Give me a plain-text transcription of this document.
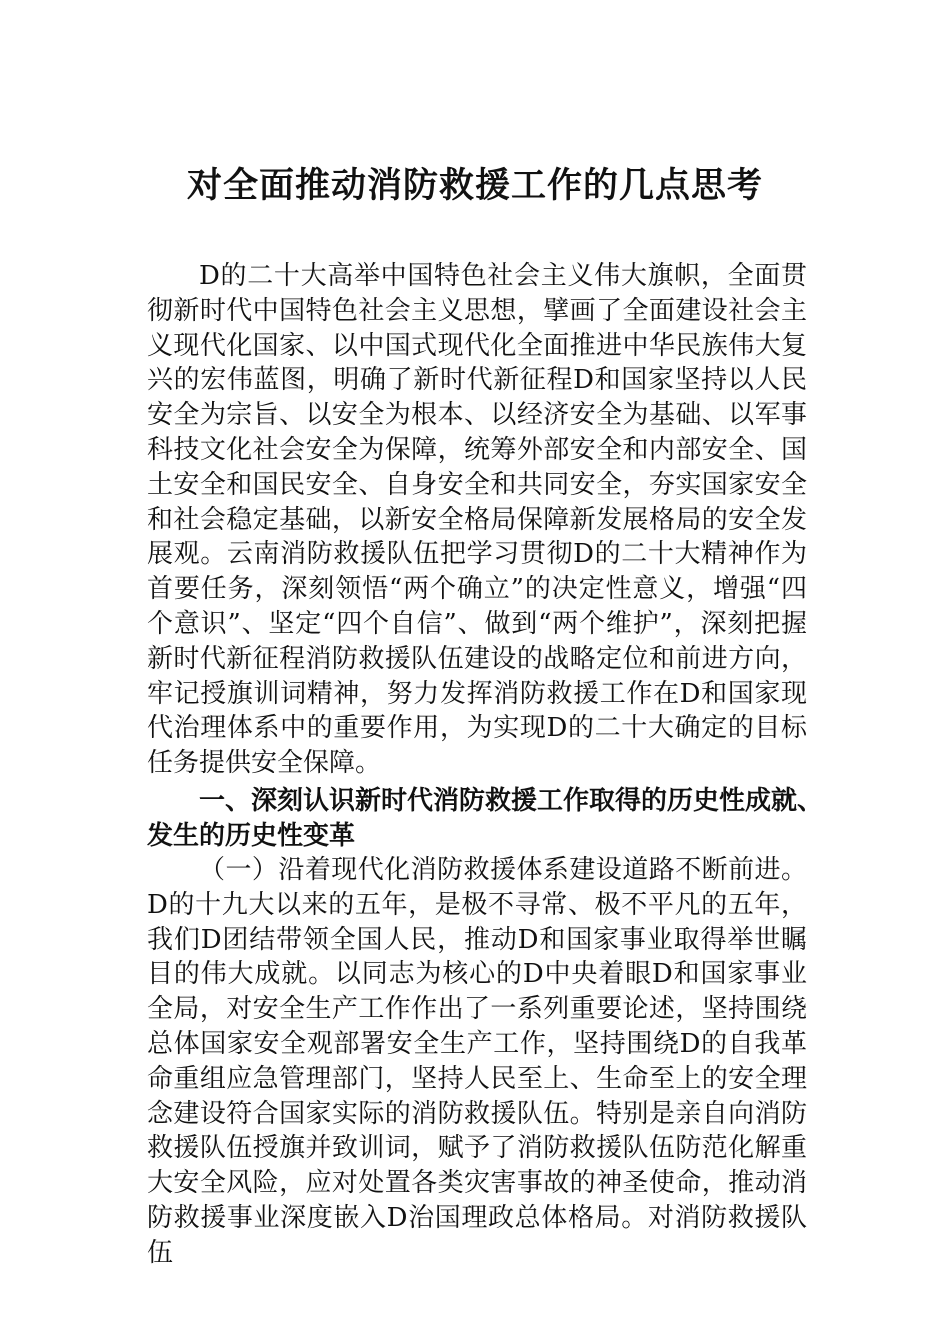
对全面推动消防救援工作的几点思考

D的二十大高举中国特色社会主义伟大旗帜，全面贯彻新时代中国特色社会主义思想，擘画了全面建设社会主义现代化国家、以中国式现代化全面推进中华民族伟大复兴的宏伟蓝图，明确了新时代新征程D和国家坚持以人民安全为宗旨、以安全为根本、以经济安全为基础、以军事科技文化社会安全为保障，统筹外部安全和内部安全、国土安全和国民安全、自身安全和共同安全，夯实国家安全和社会稳定基础，以新安全格局保障新发展格局的安全发展观。云南消防救援队伍把学习贯彻D的二十大精神作为首要任务，深刻领悟“两个确立”的决定性意义，增强“四个意识”、坚定“四个自信”、做到“两个维护”，深刻把握新时代新征程消防救援队伍建设的战略定位和前进方向，牢记授旗训词精神，努力发挥消防救援工作在D和国家现代治理体系中的重要作用，为实现D的二十大确定的目标任务提供安全保障。

一、深刻认识新时代消防救援工作取得的历史性成就、发生的历史性变革

（一）沿着现代化消防救援体系建设道路不断前进。D的十九大以来的五年，是极不寻常、极不平凡的五年，我们D团结带领全国人民，推动D和国家事业取得举世瞩目的伟大成就。以同志为核心的D中央着眼D和国家事业全局，对安全生产工作作出了一系列重要论述，坚持围绕总体国家安全观部署安全生产工作，坚持围绕D的自我革命重组应急管理部门，坚持人民至上、生命至上的安全理念建设符合国家实际的消防救援队伍。特别是亲自向消防救援队伍授旗并致训词，赋予了消防救援队伍防范化解重大安全风险，应对处置各类灾害事故的神圣使命，推动消防救援事业深度嵌入D治国理政总体格局。对消防救援队伍
